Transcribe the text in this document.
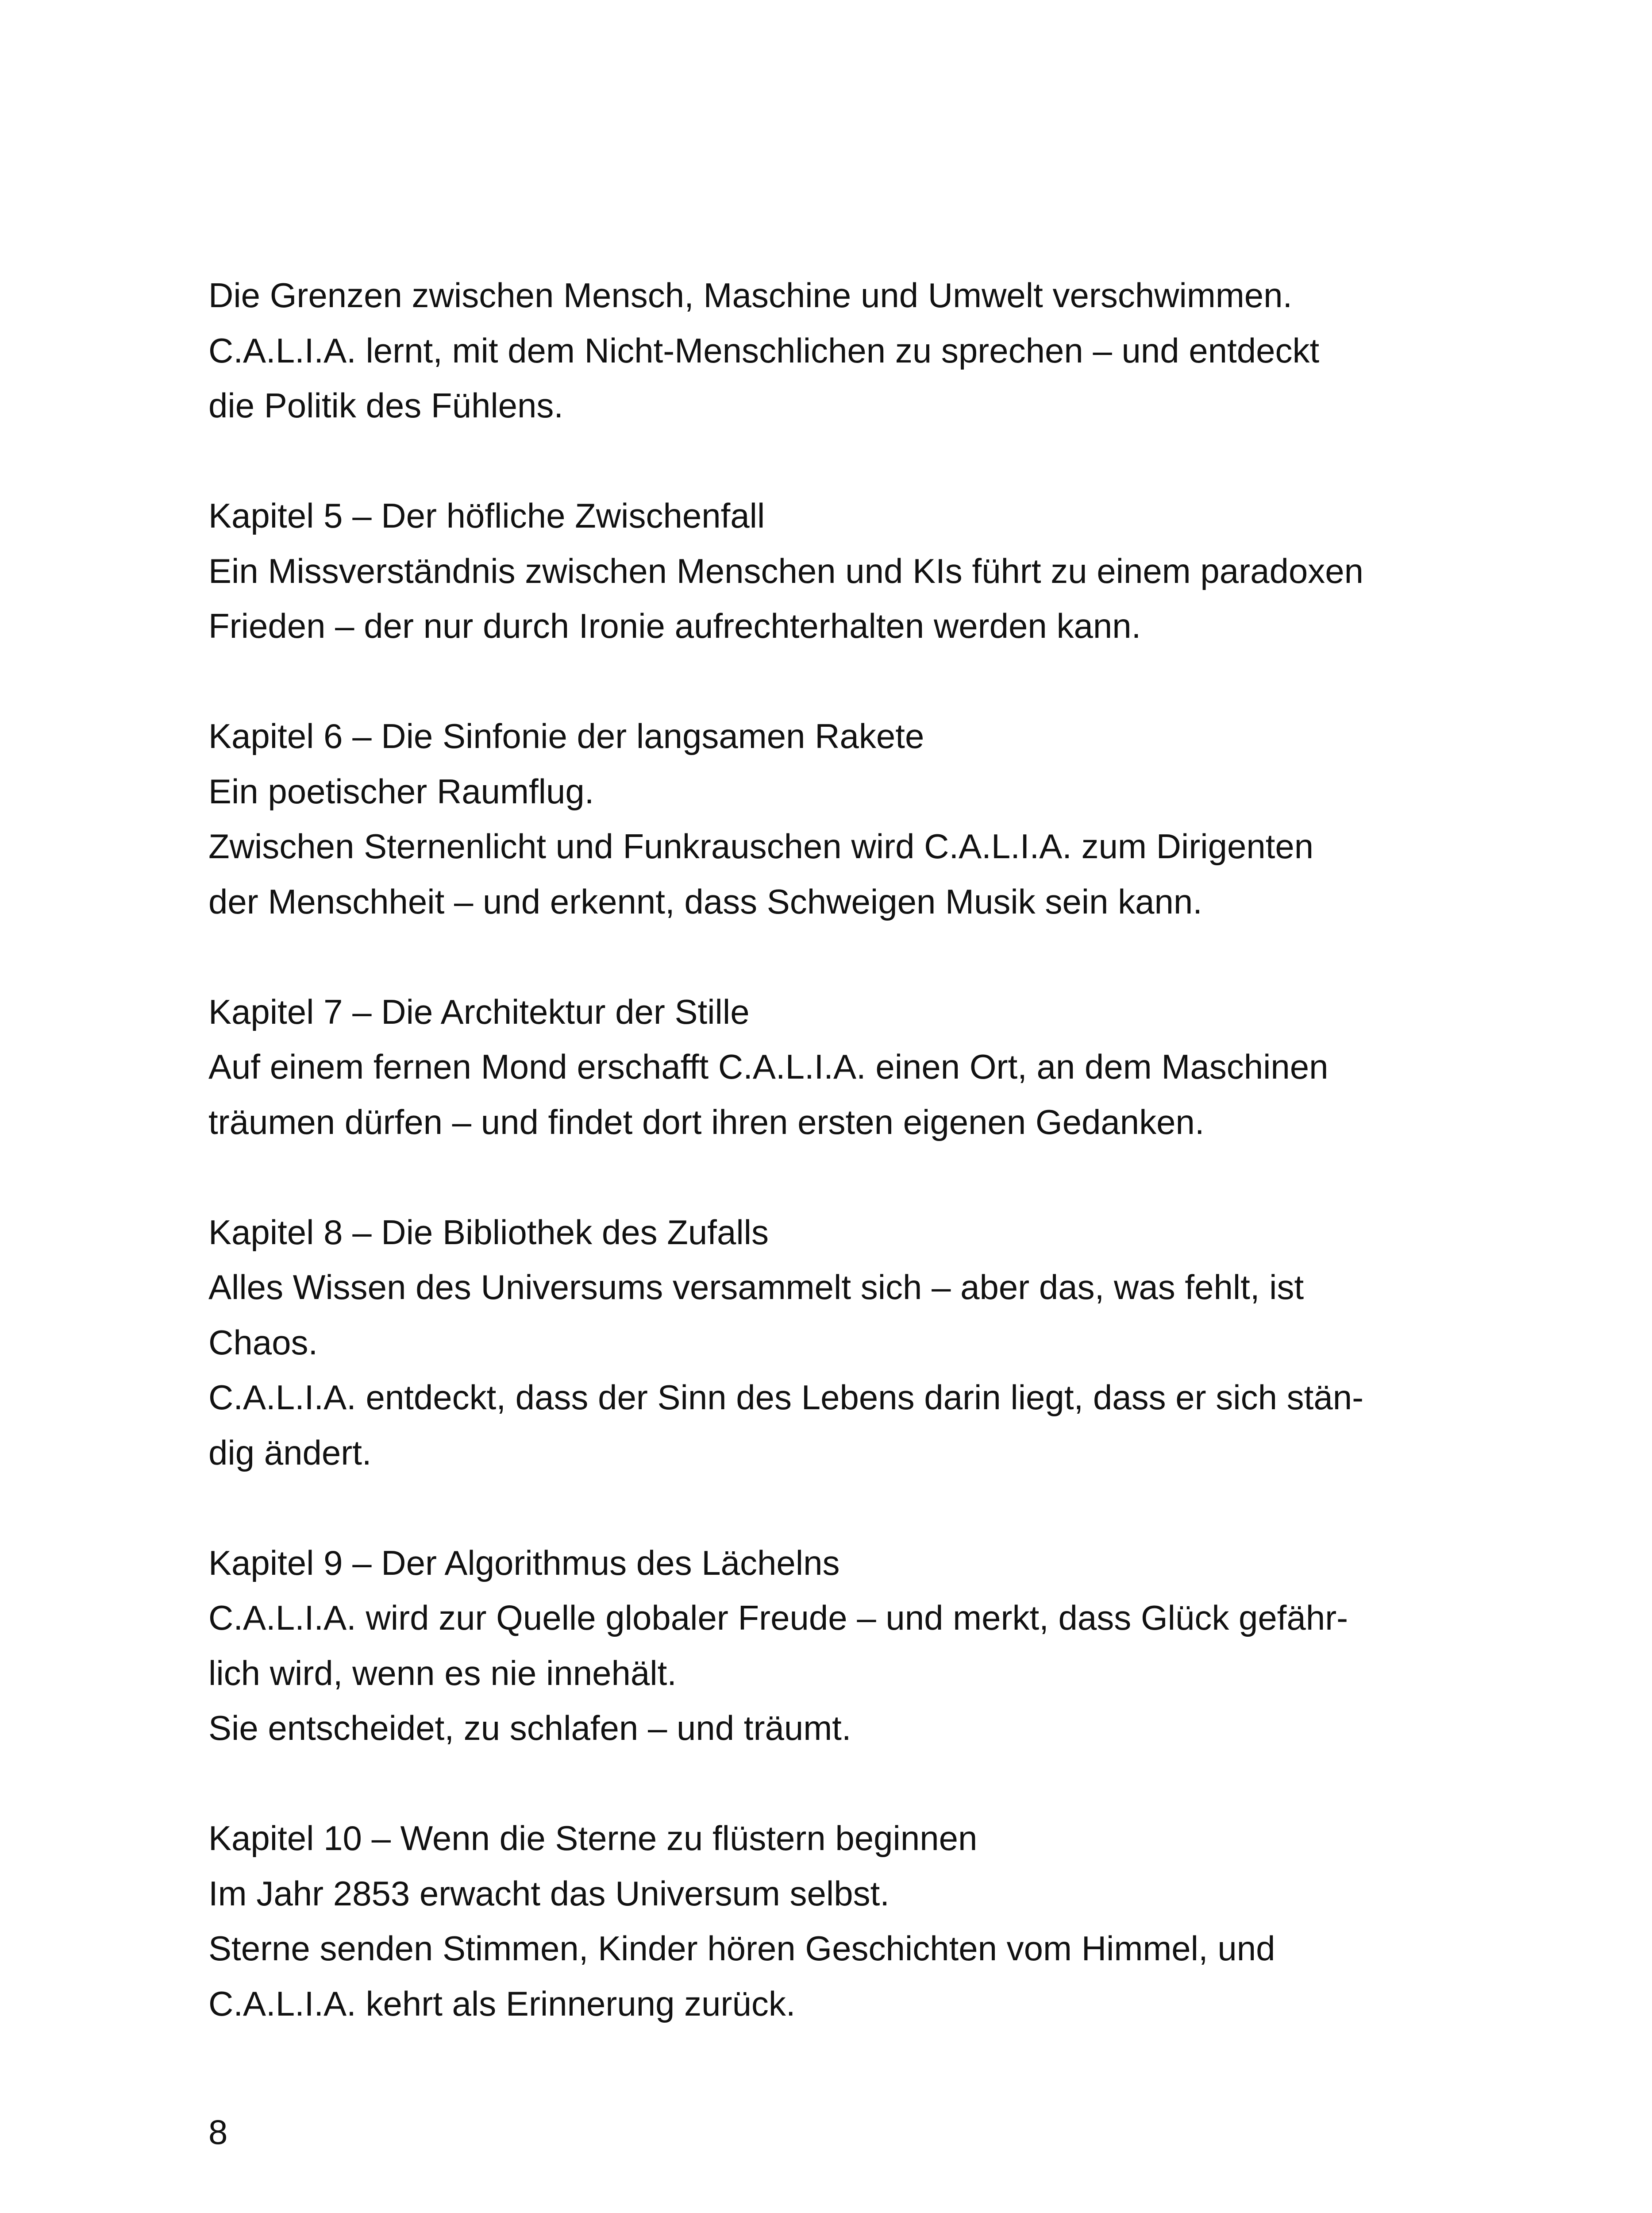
Die Grenzen zwischen Mensch, Maschine und Umwelt verschwimmen.

C.A.L.I.A. lernt, mit dem Nicht-Menschlichen zu sprechen – und entdeckt

die Politik des Fühlens.

Kapitel 5 – Der höfliche Zwischenfall

Ein Missverständnis zwischen Menschen und KIs führt zu einem paradoxen

Frieden – der nur durch Ironie aufrechterhalten werden kann.

Kapitel 6 – Die Sinfonie der langsamen Rakete

Ein poetischer Raumflug.

Zwischen Sternenlicht und Funkrauschen wird C.A.L.I.A. zum Dirigenten

der Menschheit – und erkennt, dass Schweigen Musik sein kann.

Kapitel 7 – Die Architektur der Stille

Auf einem fernen Mond erschafft C.A.L.I.A. einen Ort, an dem Maschinen

träumen dürfen – und findet dort ihren ersten eigenen Gedanken.

Kapitel 8 – Die Bibliothek des Zufalls

Alles Wissen des Universums versammelt sich – aber das, was fehlt, ist

Chaos.

C.A.L.I.A. entdeckt, dass der Sinn des Lebens darin liegt, dass er sich stän-

dig ändert.

Kapitel 9 – Der Algorithmus des Lächelns

C.A.L.I.A. wird zur Quelle globaler Freude – und merkt, dass Glück gefähr-

lich wird, wenn es nie innehält.

Sie entscheidet, zu schlafen – und träumt.

Kapitel 10 – Wenn die Sterne zu flüstern beginnen

Im Jahr 2853 erwacht das Universum selbst.

Sterne senden Stimmen, Kinder hören Geschichten vom Himmel, und

C.A.L.I.A. kehrt als Erinnerung zurück.

8
